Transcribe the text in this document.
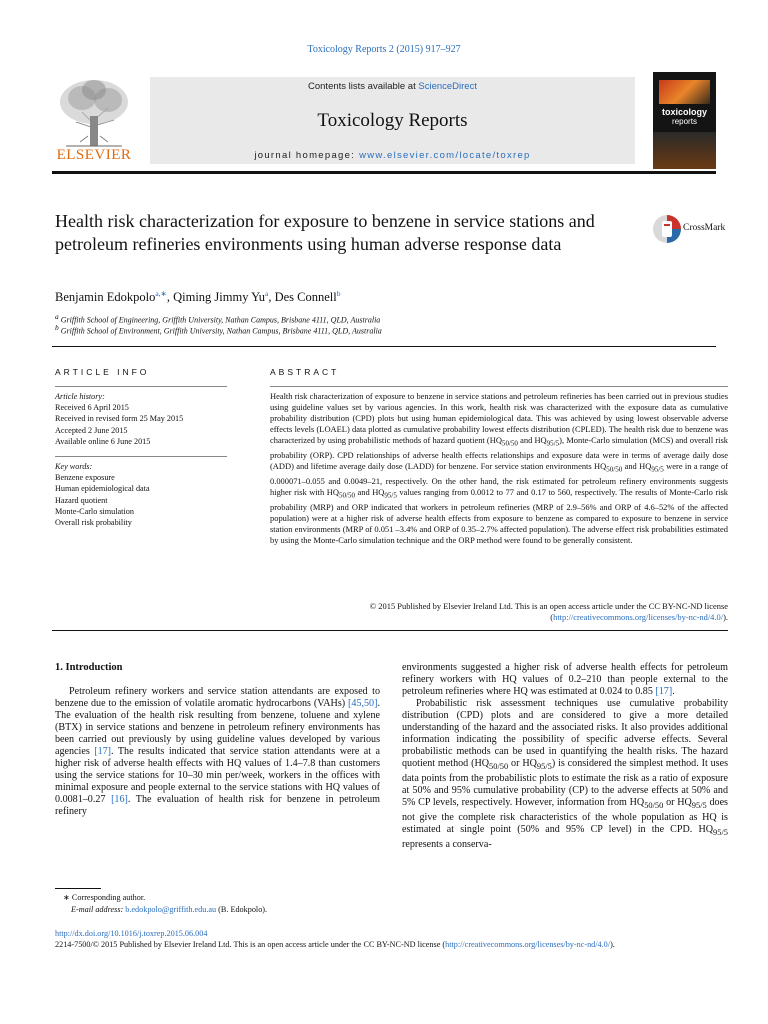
Toxicology Reports 2 (2015) 917–927
ELSEVIER
Contents lists available at ScienceDirect
Toxicology Reports
journal homepage: www.elsevier.com/locate/toxrep
toxicology
reports
Health risk characterization for exposure to benzene in service stations and petroleum refineries environments using human adverse response data
CrossMark
Benjamin Edokpolo$^{a,∗}$, Qiming Jimmy Yu$^a$, Des Connell$^b$
$^a$ Griffith School of Engineering, Griffith University, Nathan Campus, Brisbane 4111, QLD, Australia
$^b$ Griffith School of Environment, Griffith University, Nathan Campus, Brisbane 4111, QLD, Australia
ARTICLE INFO	ABSTRACT
Article history:
Received 6 April 2015
Received in revised form 25 May 2015
Accepted 2 June 2015
Available online 6 June 2015
Key words:
Benzene exposure
Human epidemiological data
Hazard quotient
Monte-Carlo simulation
Overall risk probability
Health risk characterization of exposure to benzene in service stations and petroleum refineries has been carried out in previous studies using guideline values set by various agencies. In this work, health risk was characterized with the exposure data as cumulative probability distribution (CPD) plots but using human epidemiological data. This was achieved by using lowest observable adverse effects levels (LOAEL) data plotted as cumulative probability lowest effects distribution (CPLED). The health risk due to benzene was characterized by using probabilistic methods of hazard quotient ($HQ_{50/50}$ and $HQ_{95/5}$), Monte-Carlo simulation (MCS) and overall risk probability (ORP). CPD relationships of adverse health effects relationships and exposure data were in terms of average daily dose (ADD) and lifetime average daily dose (LADD) for benzene. For service station environments $HQ_{50/50}$ and $HQ_{95/5}$ were in a range of 0.000071–0.055 and 0.0049–21, respectively. On the other hand, the risk estimated for petroleum refinery environments suggests higher risk with $HQ_{50/50}$ and $HQ_{95/5}$ values ranging from 0.0012 to 77 and 0.17 to 560, respectively. The results of Monte-Carlo risk probability (MRP) and ORP indicated that workers in petroleum refineries (MRP of 2.9–56% and ORP of 4.6–52% of the affected population) were at a higher risk of adverse health effects from exposure to benzene as compared to exposure to benzene in service station environments (MRP of 0.051 –3.4% and ORP of 0.35–2.7% affected population). The adverse effect risk probabilities estimated by using the Monte-Carlo simulation technique and the ORP method were found to be generally consistent.
© 2015 Published by Elsevier Ireland Ltd. This is an open access article under the CC BY-NC-ND license (http://creativecommons.org/licenses/by-nc-nd/4.0/).
1. Introduction
Petroleum refinery workers and service station attendants are exposed to benzene due to the emission of volatile aromatic hydrocarbons (VAHs) [45,50]. The evaluation of the health risk resulting from benzene, toluene and xylene (BTX) in service stations and benzene in petroleum refinery environments has been carried out previously by using guideline values developed by various agencies [17]. The results indicated that service station attendants were at a higher risk of adverse health effects with HQ values of 1.4–7.8 than customers using the service stations for 10–30 min per/week, workers in the offices with minimal exposure and people external to the service stations with HQ values of 0.0081–0.27 [16]. The evaluation of health risk for benzene in petroleum refinery
environments suggested a higher risk of adverse health effects for petroleum refinery workers with HQ values of 0.2–210 than people external to the petroleum refineries where HQ was estimated at 0.024 to 0.85 [17].
Probabilistic risk assessment techniques use cumulative probability distribution (CPD) plots and are considered to give a more detailed understanding of the hazard and the associated risks. It also provides additional information indicating the possibility of specific adverse effects. Several probabilistic methods can be used in quantifying the health risks. The hazard quotient method ($HQ_{50/50}$ or $HQ_{95/5}$) is considered the simplest method. It uses data points from the probabilistic plots to estimate the risk as a ratio of exposure at 50% and 95% cumulative probability (CP) to the adverse effects at 50% and 5% CP levels, respectively. However, information from $HQ_{50/50}$ or $HQ_{95/5}$ does not give the complete risk characteristics of the whole population as HQ is estimated at single point (50% and 95% CP level) in the CPD. $HQ_{95/5}$ represents a conserva-
∗ Corresponding author.
E-mail address: b.edokpolo@griffith.edu.au (B. Edokpolo).
http://dx.doi.org/10.1016/j.toxrep.2015.06.004
2214-7500/© 2015 Published by Elsevier Ireland Ltd. This is an open access article under the CC BY-NC-ND license (http://creativecommons.org/licenses/by-nc-nd/4.0/).
